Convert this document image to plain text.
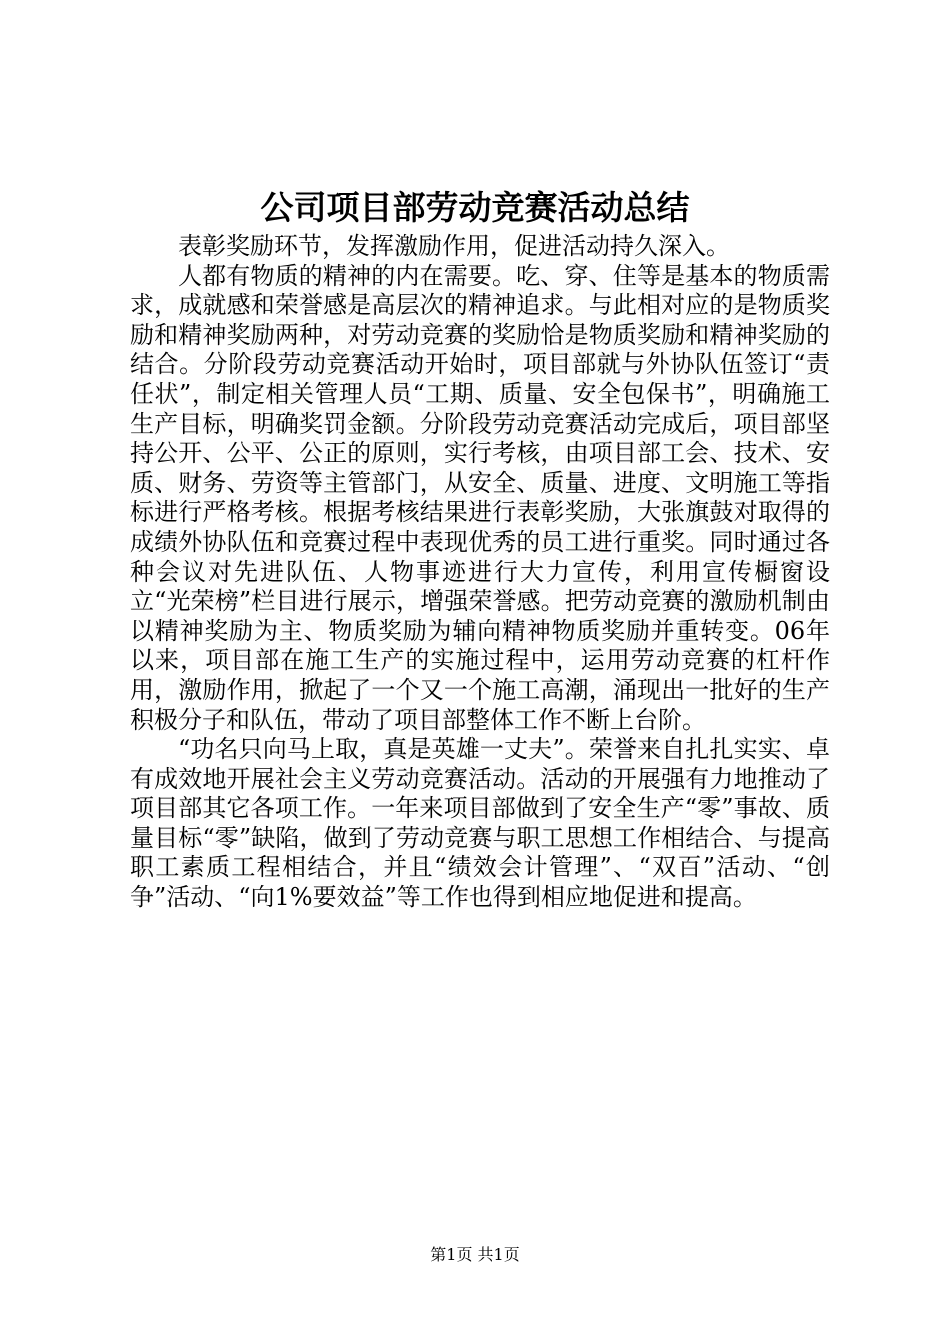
公司项目部劳动竞赛活动总结

表彰奖励环节，发挥激励作用，促进活动持久深入。

人都有物质的精神的内在需要。吃、穿、住等是基本的物质需求，成就感和荣誉感是高层次的精神追求。与此相对应的是物质奖励和精神奖励两种，对劳动竞赛的奖励恰是物质奖励和精神奖励的结合。分阶段劳动竞赛活动开始时，项目部就与外协队伍签订“责任状”，制定相关管理人员“工期、质量、安全包保书”，明确施工生产目标，明确奖罚金额。分阶段劳动竞赛活动完成后，项目部坚持公开、公平、公正的原则，实行考核，由项目部工会、技术、安质、财务、劳资等主管部门，从安全、质量、进度、文明施工等指标进行严格考核。根据考核结果进行表彰奖励，大张旗鼓对取得的成绩外协队伍和竞赛过程中表现优秀的员工进行重奖。同时通过各种会议对先进队伍、人物事迹进行大力宣传，利用宣传橱窗设立“光荣榜”栏目进行展示，增强荣誉感。把劳动竞赛的激励机制由以精神奖励为主、物质奖励为辅向精神物质奖励并重转变。06年以来，项目部在施工生产的实施过程中，运用劳动竞赛的杠杆作用，激励作用，掀起了一个又一个施工高潮，涌现出一批好的生产积极分子和队伍，带动了项目部整体工作不断上台阶。

“功名只向马上取，真是英雄一丈夫”。荣誉来自扎扎实实、卓有成效地开展社会主义劳动竞赛活动。活动的开展强有力地推动了项目部其它各项工作。一年来项目部做到了安全生产“零”事故、质量目标“零”缺陷，做到了劳动竞赛与职工思想工作相结合、与提高职工素质工程相结合，并且“绩效会计管理”、“双百”活动、“创争”活动、“向1%要效益”等工作也得到相应地促进和提高。

第1页 共1页
